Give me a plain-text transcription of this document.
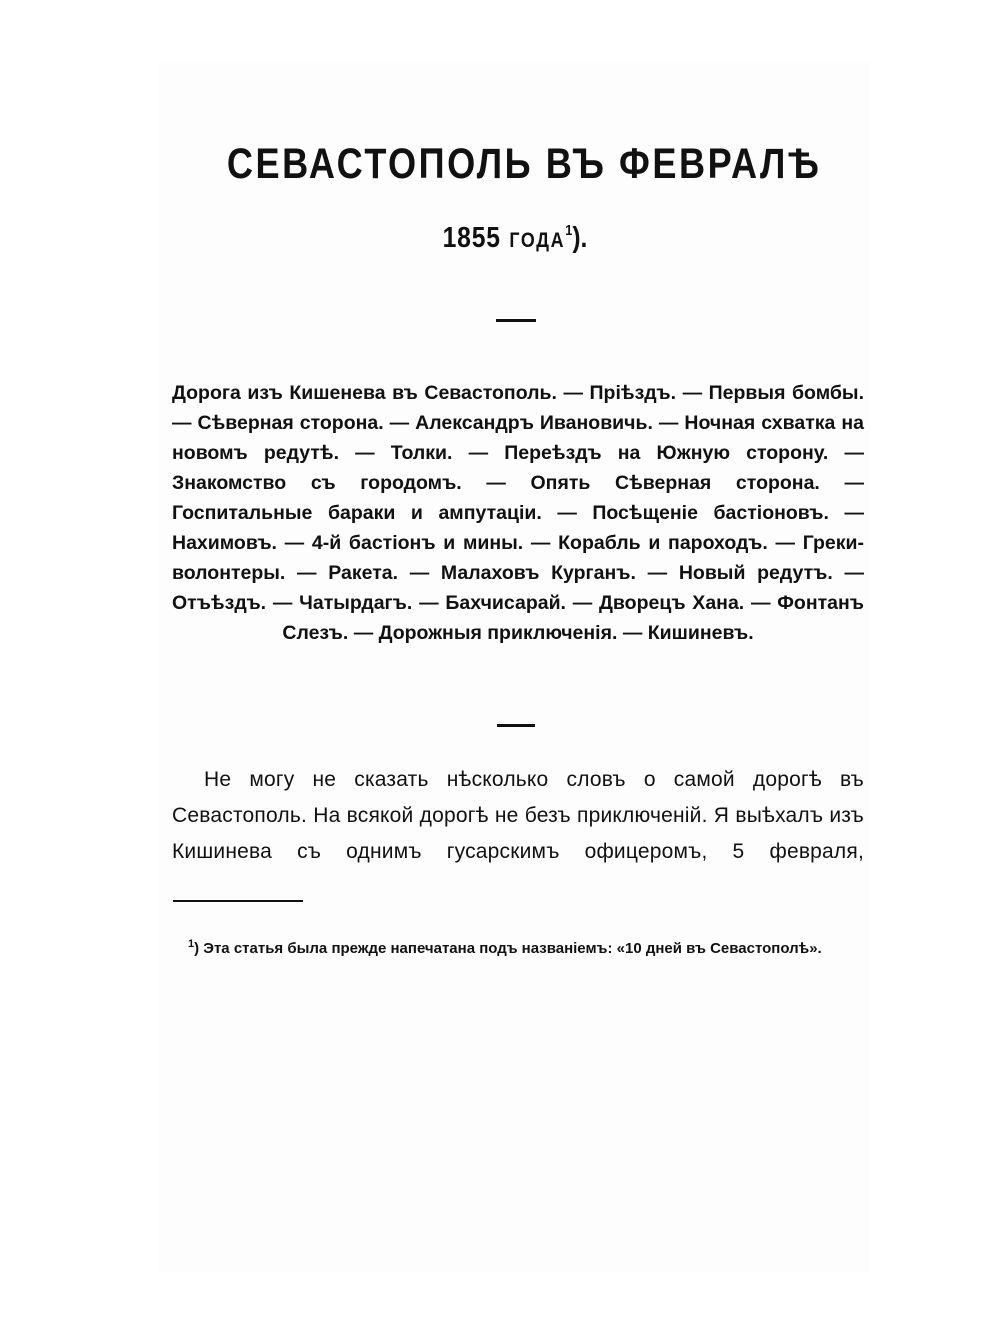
СЕВАСТОПОЛЬ ВЪ ФЕВРАЛѢ
1855 ГОДА$^1$).

Дорога изъ Кишенева въ Севастополь. — Пріѣздъ. — Первыя бомбы. — Сѣверная сторона. — Александръ Ивановичь. — Ночная схватка на новомъ редутѣ. — Толки. — Переѣздъ на Южную сторону. — Знакомство съ городомъ. — Опять Сѣверная сторона. — Госпитальные бараки и ампутаціи. — Посѣщеніе бастіоновъ. — Нахимовъ. — 4-й бастіонъ и мины. — Корабль и пароходъ. — Греки-волонтеры. — Ракета. — Малаховъ Курганъ. — Новый редутъ. — Отъѣздъ. — Чатырдагъ. — Бахчисарай. — Дворецъ Хана. — Фонтанъ Слезъ. — Дорожныя приключенія. — Кишиневъ.

Не могу не сказать нѣсколько словъ о самой дорогѣ въ Севастополь. На всякой дорогѣ не безъ приключеній. Я выѣхалъ изъ Кишинева съ однимъ гусарскимъ офицеромъ, 5 февраля,

$^1$) Эта статья была прежде напечатана подъ названіемъ: «10 дней въ Севастополѣ».
